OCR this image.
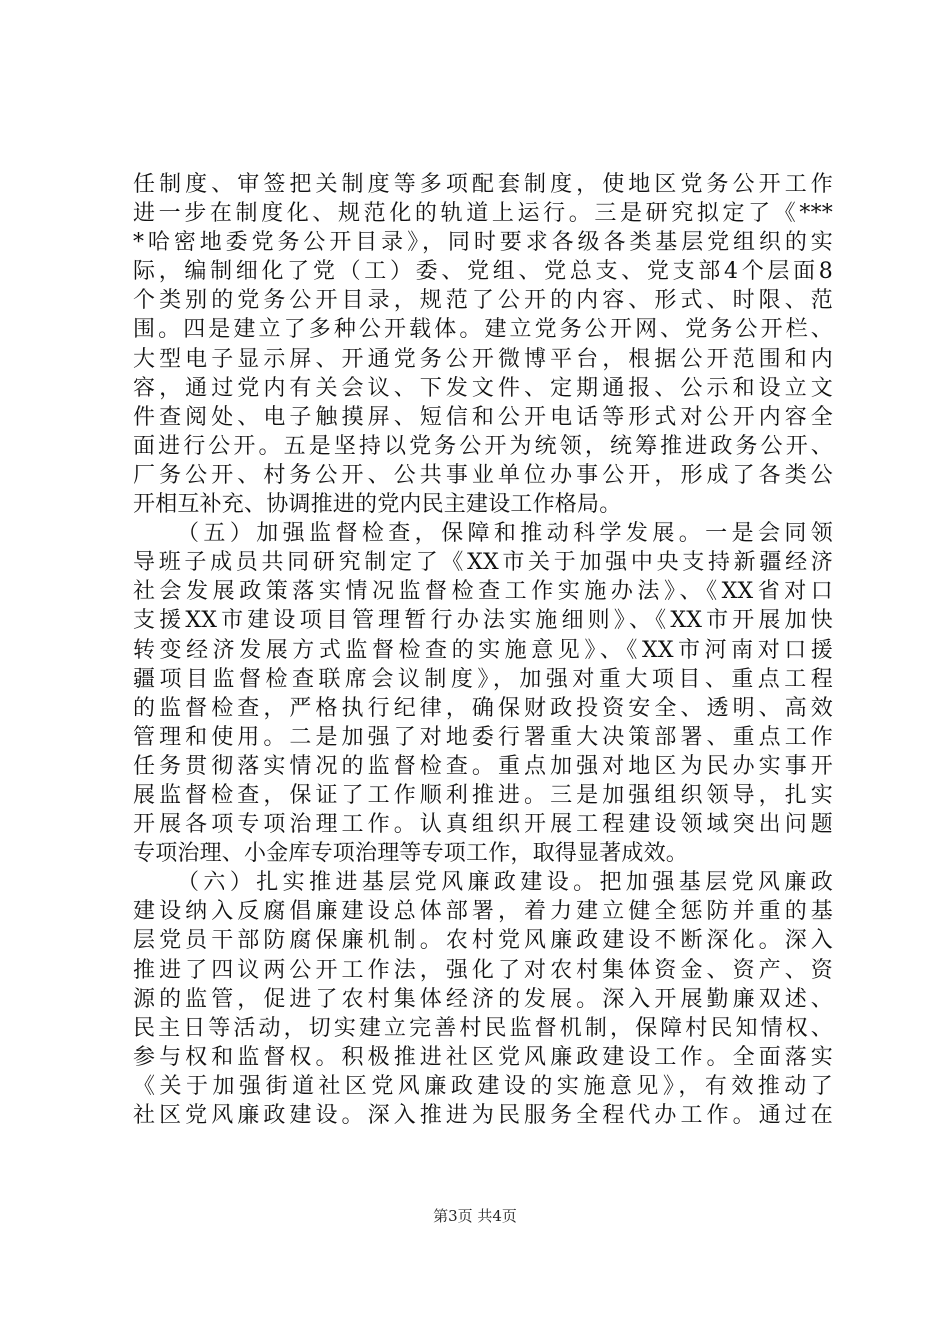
任制度、审签把关制度等多项配套制度，使地区党务公开工作
进一步在制度化、规范化的轨道上运行。三是研究拟定了《***
*哈密地委党务公开目录》，同时要求各级各类基层党组织的实
际，编制细化了党（工）委、党组、党总支、党支部4个层面8
个类别的党务公开目录，规范了公开的内容、形式、时限、范
围。四是建立了多种公开载体。建立党务公开网、党务公开栏、
大型电子显示屏、开通党务公开微博平台，根据公开范围和内
容，通过党内有关会议、下发文件、定期通报、公示和设立文
件查阅处、电子触摸屏、短信和公开电话等形式对公开内容全
面进行公开。五是坚持以党务公开为统领，统筹推进政务公开、
厂务公开、村务公开、公共事业单位办事公开，形成了各类公
开相互补充、协调推进的党内民主建设工作格局。
（五）加强监督检查，保障和推动科学发展。一是会同领
导班子成员共同研究制定了《XX市关于加强中央支持新疆经济
社会发展政策落实情况监督检查工作实施办法》、《XX省对口
支援XX市建设项目管理暂行办法实施细则》、《XX市开展加快
转变经济发展方式监督检查的实施意见》、《XX市河南对口援
疆项目监督检查联席会议制度》，加强对重大项目、重点工程
的监督检查，严格执行纪律，确保财政投资安全、透明、高效
管理和使用。二是加强了对地委行署重大决策部署、重点工作
任务贯彻落实情况的监督检查。重点加强对地区为民办实事开
展监督检查，保证了工作顺利推进。三是加强组织领导，扎实
开展各项专项治理工作。认真组织开展工程建设领域突出问题
专项治理、小金库专项治理等专项工作，取得显著成效。
（六）扎实推进基层党风廉政建设。把加强基层党风廉政
建设纳入反腐倡廉建设总体部署，着力建立健全惩防并重的基
层党员干部防腐保廉机制。农村党风廉政建设不断深化。深入
推进了四议两公开工作法，强化了对农村集体资金、资产、资
源的监管，促进了农村集体经济的发展。深入开展勤廉双述、
民主日等活动，切实建立完善村民监督机制，保障村民知情权、
参与权和监督权。积极推进社区党风廉政建设工作。全面落实
《关于加强街道社区党风廉政建设的实施意见》，有效推动了
社区党风廉政建设。深入推进为民服务全程代办工作。通过在
第3页 共4页
